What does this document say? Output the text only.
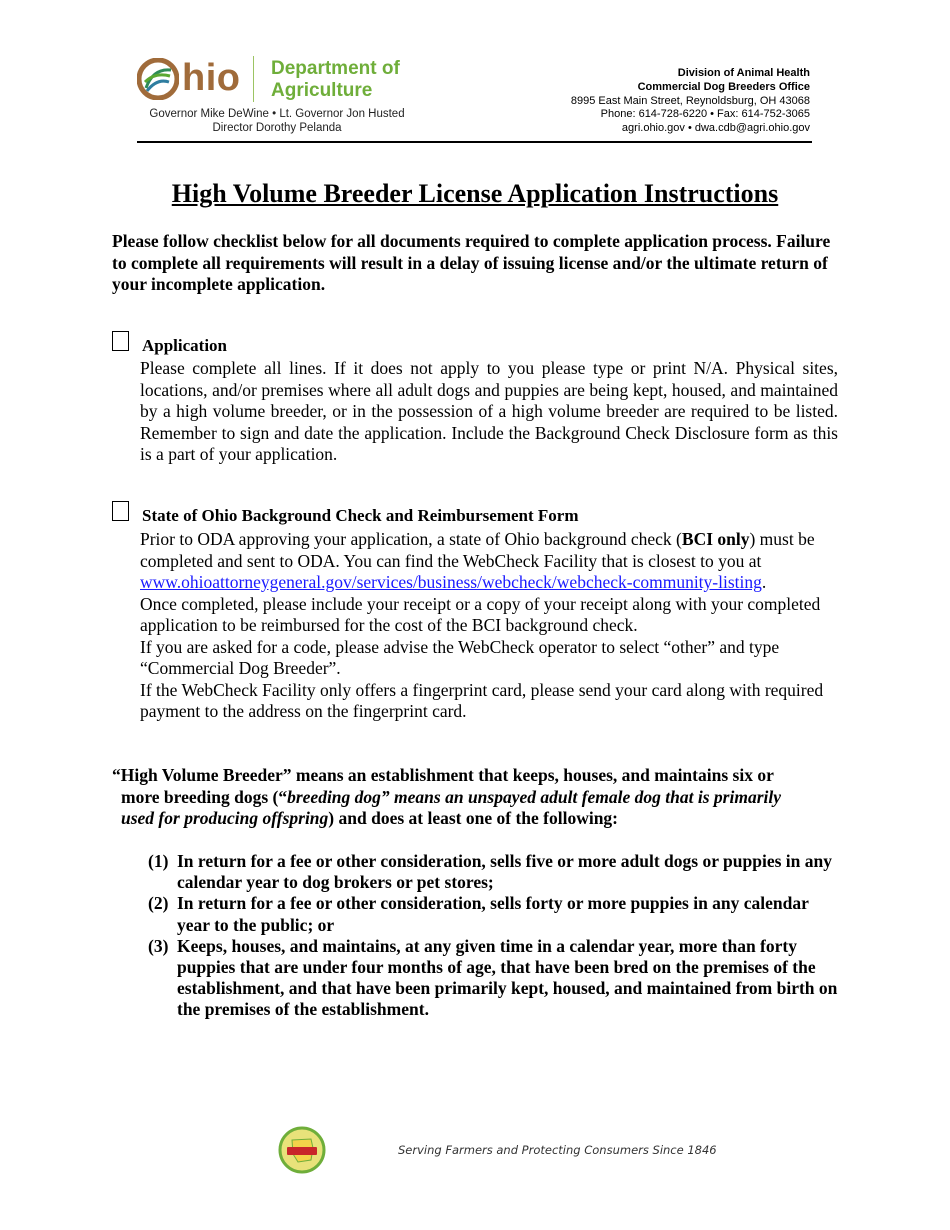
hio Department of
Agriculture
Governor Mike DeWine • Lt. Governor Jon Husted
Director Dorothy Pelanda
Division of Animal Health
Commercial Dog Breeders Office
8995 East Main Street, Reynoldsburg, OH 43068
Phone: 614-728-6220 • Fax: 614-752-3065
agri.ohio.gov • dwa.cdb@agri.ohio.gov
High Volume Breeder License Application Instructions
Please follow checklist below for all documents required to complete application process. Failure to complete all requirements will result in a delay of issuing license and/or the ultimate return of your incomplete application.
Application
Please complete all lines. If it does not apply to you please type or print N/A. Physical sites, locations, and/or premises where all adult dogs and puppies are being kept, housed, and maintained by a high volume breeder, or in the possession of a high volume breeder are required to be listed. Remember to sign and date the application. Include the Background Check Disclosure form as this is a part of your application.
State of Ohio Background Check and Reimbursement Form
Prior to ODA approving your application, a state of Ohio background check (BCI only) must be completed and sent to ODA. You can find the WebCheck Facility that is closest to you at www.ohioattorneygeneral.gov/services/business/webcheck/webcheck-community-listing.
Once completed, please include your receipt or a copy of your receipt along with your completed application to be reimbursed for the cost of the BCI background check.
If you are asked for a code, please advise the WebCheck operator to select “other” and type “Commercial Dog Breeder”.
If the WebCheck Facility only offers a fingerprint card, please send your card along with required payment to the address on the fingerprint card.
“High Volume Breeder” means an establishment that keeps, houses, and maintains six or
more breeding dogs (“breeding dog” means an unspayed adult female dog that is primarily
used for producing offspring) and does at least one of the following:
(1) In return for a fee or other consideration, sells five or more adult dogs or puppies in any calendar year to dog brokers or pet stores;
(2) In return for a fee or other consideration, sells forty or more puppies in any calendar year to the public; or
(3) Keeps, houses, and maintains, at any given time in a calendar year, more than forty puppies that are under four months of age, that have been bred on the premises of the establishment, and that have been primarily kept, housed, and maintained from birth on the premises of the establishment.
Serving Farmers and Protecting Consumers Since 1846
